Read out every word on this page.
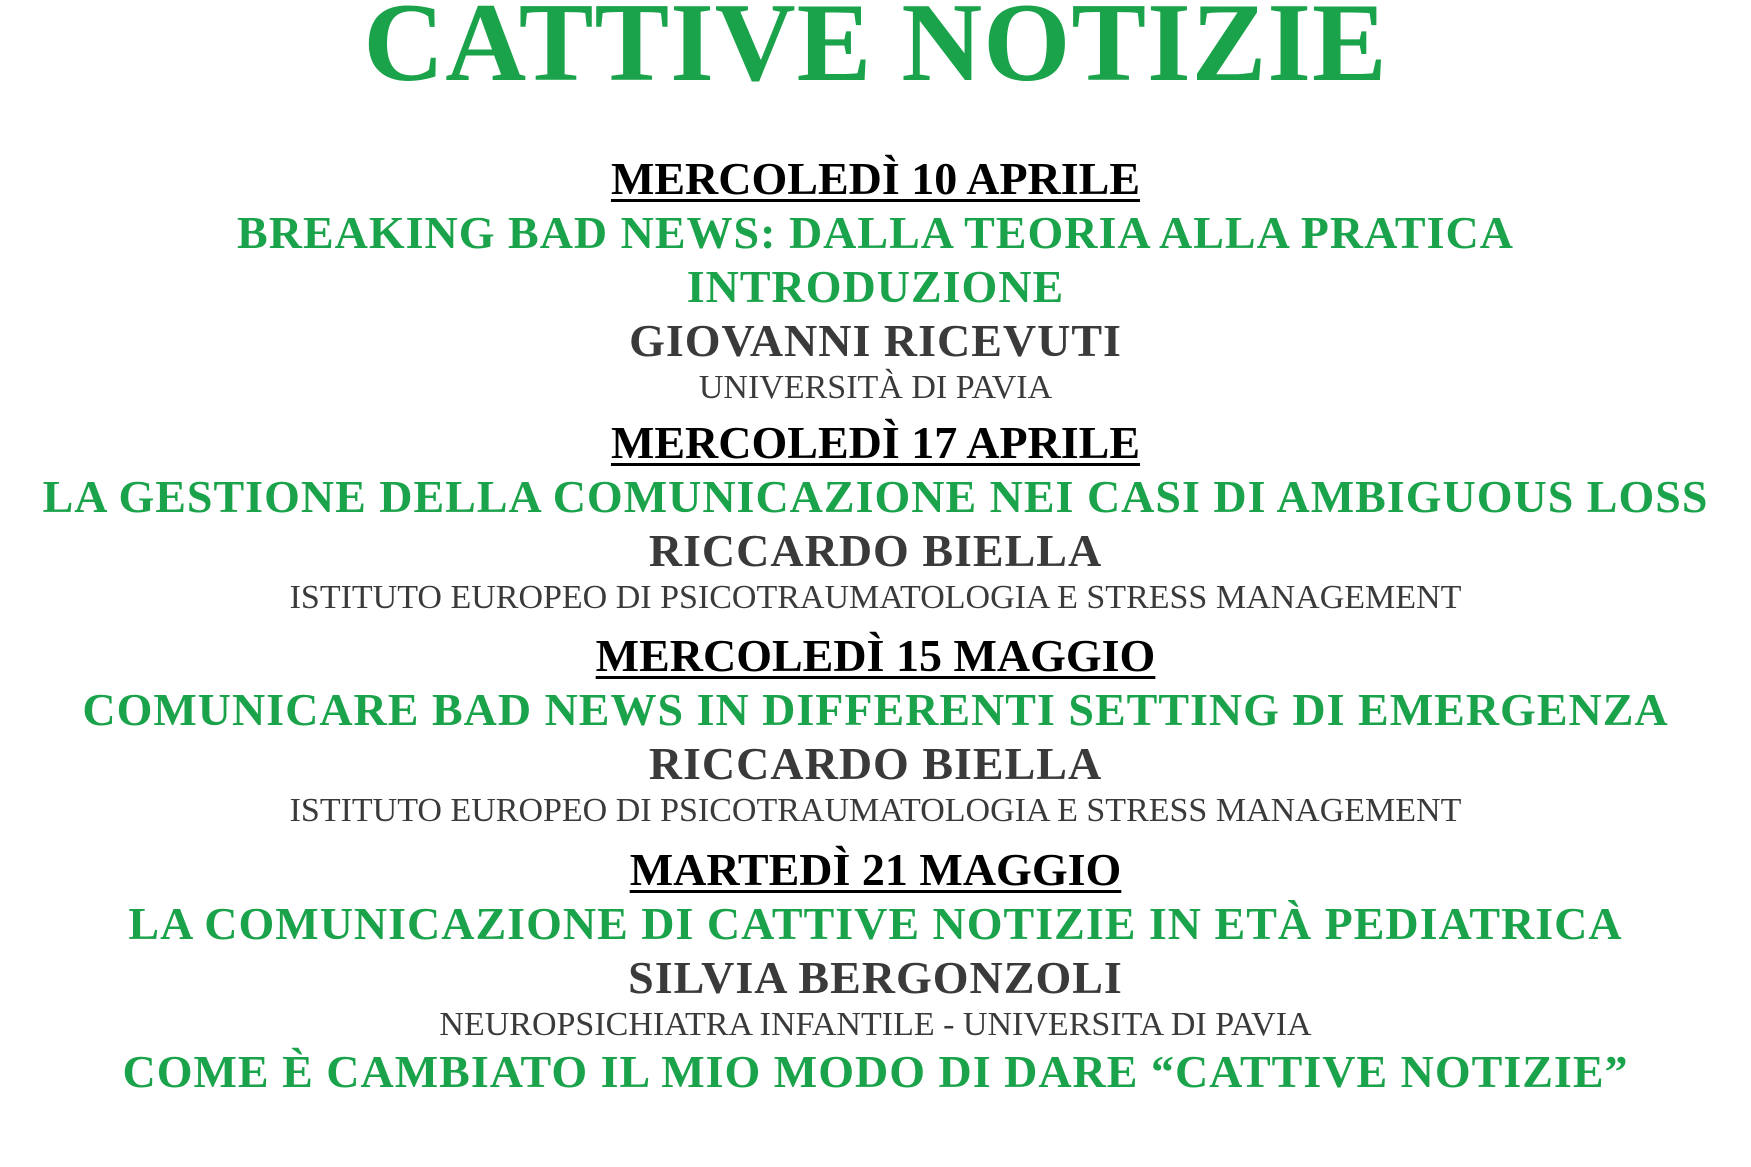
CATTIVE NOTIZIE
MERCOLEDÌ 10 APRILE
BREAKING BAD NEWS: DALLA TEORIA ALLA PRATICA
INTRODUZIONE
GIOVANNI RICEVUTI
UNIVERSITÀ DI PAVIA
MERCOLEDÌ 17 APRILE
LA GESTIONE DELLA COMUNICAZIONE NEI CASI DI AMBIGUOUS LOSS
RICCARDO BIELLA
ISTITUTO EUROPEO DI PSICOTRAUMATOLOGIA E STRESS MANAGEMENT
MERCOLEDÌ 15 MAGGIO
COMUNICARE BAD NEWS IN DIFFERENTI SETTING DI EMERGENZA
RICCARDO BIELLA
ISTITUTO EUROPEO DI PSICOTRAUMATOLOGIA E STRESS MANAGEMENT
MARTEDÌ 21 MAGGIO
LA COMUNICAZIONE DI CATTIVE NOTIZIE IN ETÀ PEDIATRICA
SILVIA BERGONZOLI
NEUROPSICHIATRA INFANTILE - UNIVERSITA DI PAVIA
COME È CAMBIATO IL MIO MODO DI DARE “CATTIVE NOTIZIE”
